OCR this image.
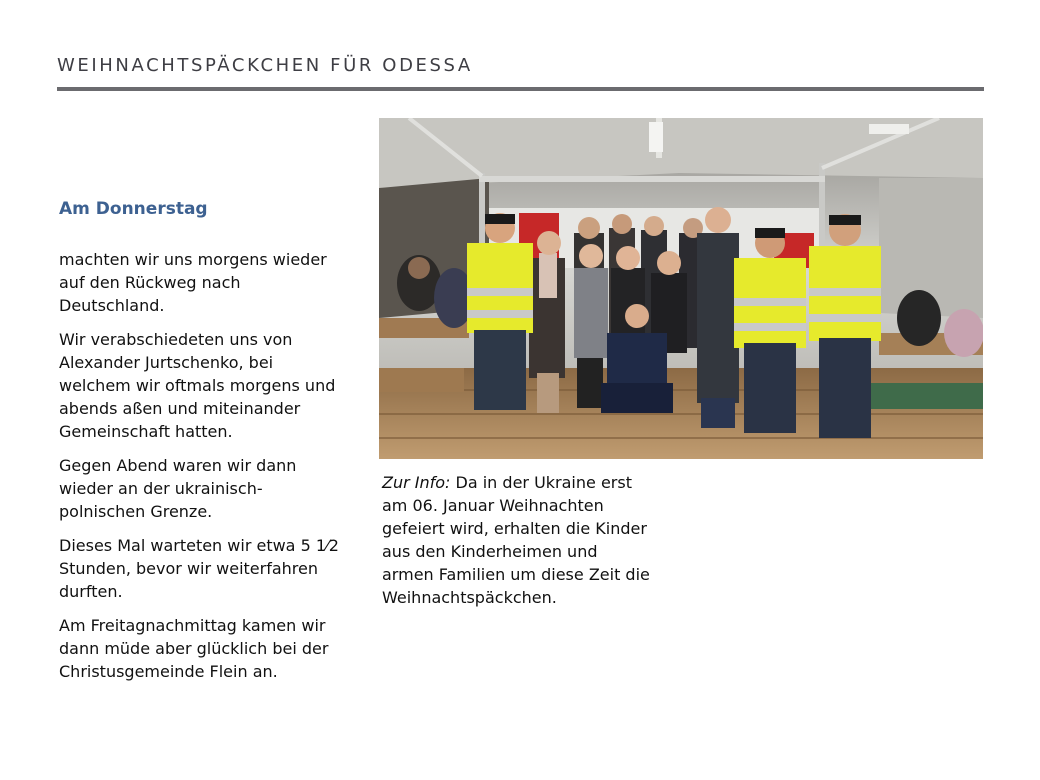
WEIHNACHTSPÄCKCHEN FÜR ODESSA
Am Donnerstag

machten wir uns morgens wieder auf den Rückweg nach Deutschland.

Wir verabschiedeten uns von Alexander Jurtschenko, bei welchem wir oftmals morgens und abends aßen und miteinander Gemeinschaft hatten.

Gegen Abend waren wir dann wieder an der ukrainisch- polnischen Grenze.

Dieses Mal warteten wir etwa 5 1⁄2 Stunden, bevor wir weiterfahren durften.

Am Freitagnachmittag kamen wir dann müde aber glücklich bei der Christusgemeinde Flein an.

Zur Info: Da in der Ukraine erst am 06. Januar Weihnachten gefeiert wird, erhalten die Kinder aus den Kinderheimen und armen Familien um diese Zeit die Weihnachtspäckchen.
